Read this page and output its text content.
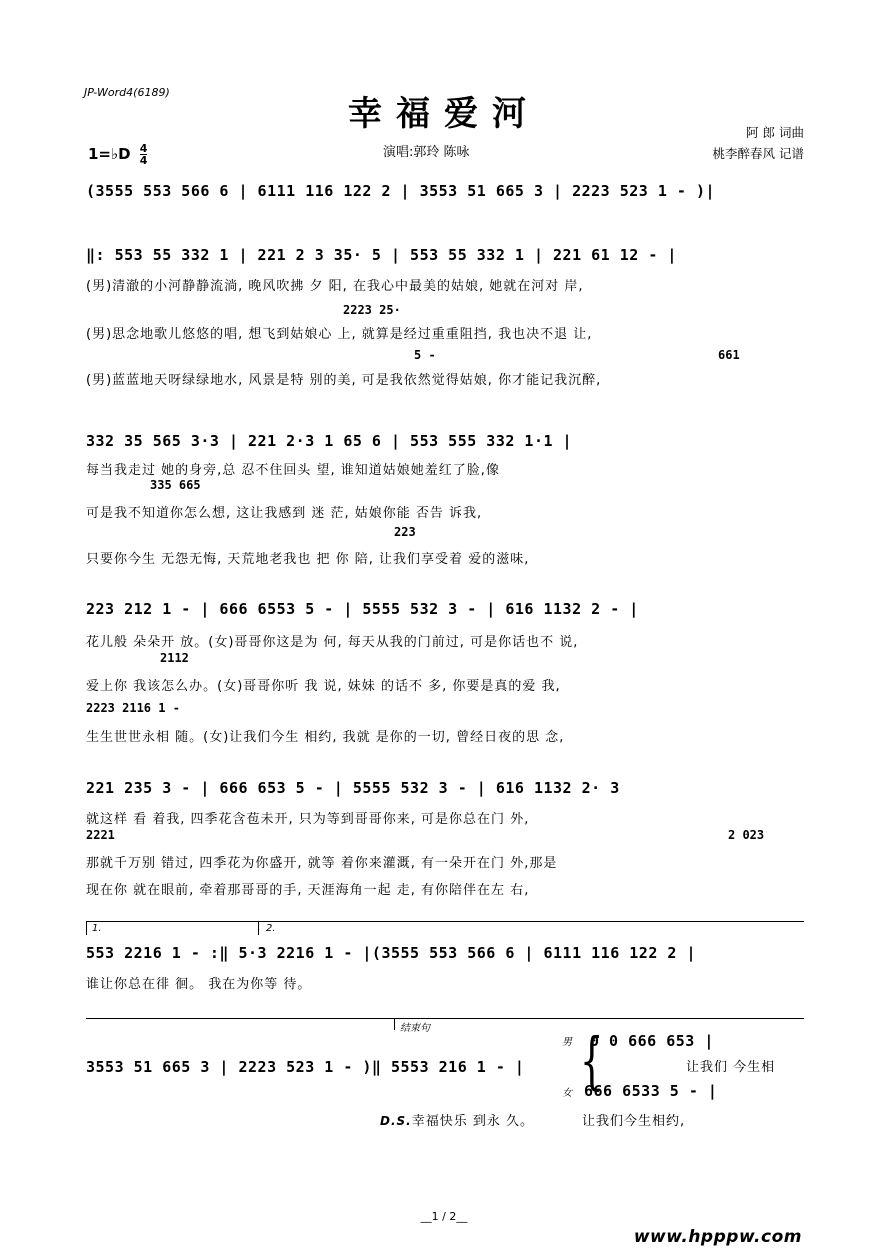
JP-Word4(6189)
幸福爱河	阿 郎 词曲
桃李醉春风 记谱
演唱:郭玲 陈咏
1=♭D $\frac{4}{4}$
(3555 553 566 6 | 6111 116 122 2 | 3553 51 665 3 | 2223 523 1 - )|
‖: 553 55 332 1 | 221 2 3 35· 5 | 553 55 332 1 | 221 61 12 - |
(男)清澈的小河静静流淌, 晚风吹拂 夕 阳, 在我心中最美的姑娘, 她就在河对 岸,
2223 25·
(男)思念地歌儿悠悠的唱, 想飞到姑娘心 上, 就算是经过重重阻挡, 我也决不退 让,
5 -	661
(男)蓝蓝地天呀绿绿地水, 风景是特 别的美, 可是我依然觉得姑娘, 你才能记我沉醉,
332 35 565 3·3 | 221 2·3 1 65 6 | 553 555 332 1·1 |
每当我走过 她的身旁,总 忍不住回头 望, 谁知道姑娘她羞红了脸,像
335 665
可是我不知道你怎么想, 这让我感到 迷 茫, 姑娘你能 否告 诉我,
223
只要你今生 无怨无悔, 天荒地老我也 把 你 陪, 让我们享受着 爱的滋味,
223 212 1 - | 666 6553 5 - | 5555 532 3 - | 616 1132 2 - |
花儿般 朵朵开 放。(女)哥哥你这是为 何, 每天从我的门前过, 可是你话也不 说,
2112
爱上你 我该怎么办。(女)哥哥你听 我 说, 妹妹 的话不 多, 你要是真的爱 我,
2223 2116 1 -
生生世世永相 随。(女)让我们今生 相约, 我就 是你的一切, 曾经日夜的思 念,
221 235 3 - | 666 653 5 - | 5555 532 3 - | 616 1132 2· 3
就这样 看 着我, 四季花含苞未开, 只为等到哥哥你来, 可是你总在门 外,
2221	2 023
那就千万别 错过, 四季花为你盛开, 就等 着你来灌溉, 有一朵开在门 外,那是
现在你 就在眼前, 牵着那哥哥的手, 天涯海角一起 走, 有你陪伴在左 右,
1.	2.
553 2216 1 - :‖ 5·3 2216 1 - |(3555 553 566 6 | 6111 116 122 2 |
谁让你总在徘 徊。 我在为你等 待。
结束句
3553 51 665 3 | 2223 523 1 - )‖ 5553 216 1 - |
男
女 {
0 0 666 653 |
让我们 今生相
666 6533 5 - |
D.S.幸福快乐 到永 久。	让我们今生相约,
__1 / 2__
www.hpppw.com
